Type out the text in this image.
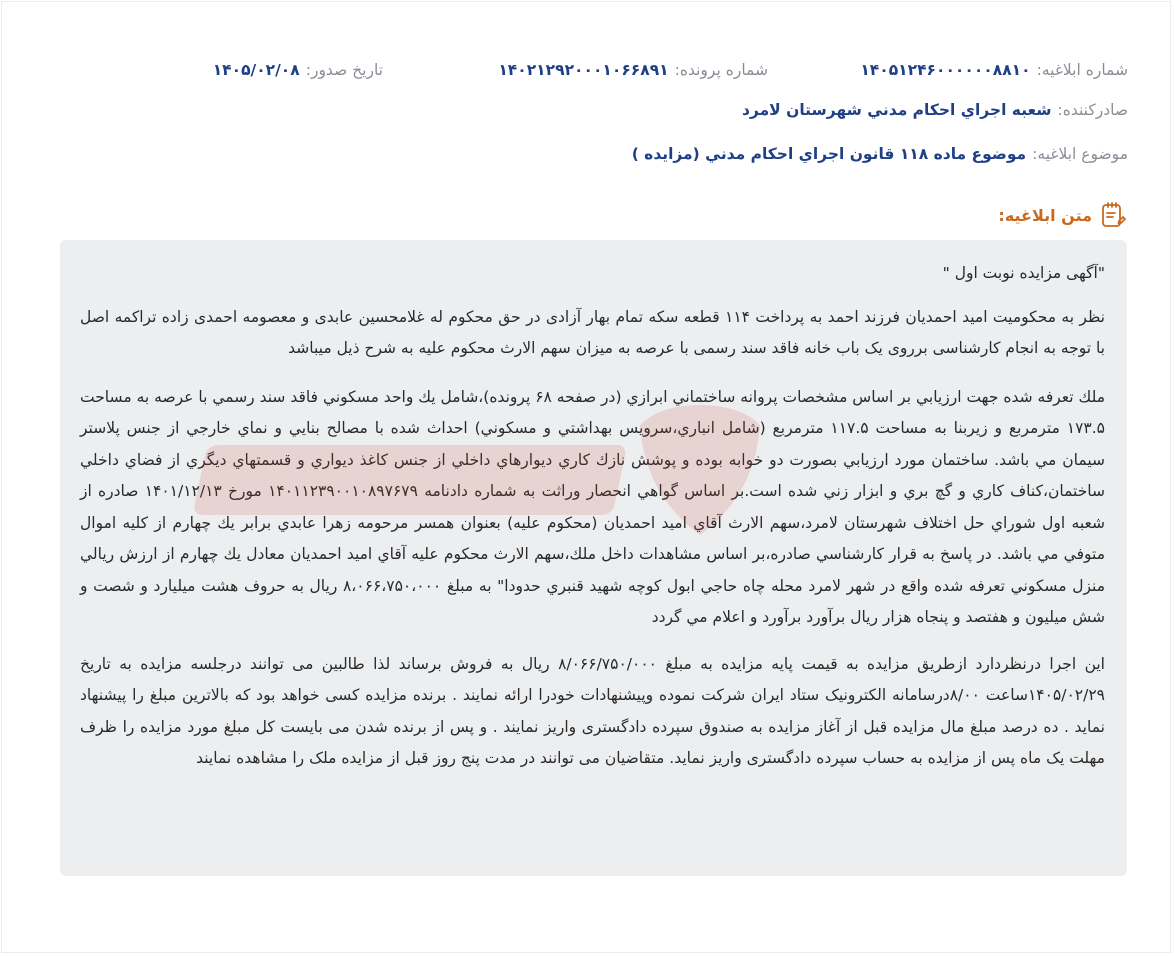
شماره ابلاغیه:
۱۴۰۵۱۲۴۶۰۰۰۰۰۰۸۸۱۰
شماره پرونده:
۱۴۰۲۱۲۹۲۰۰۰۱۰۶۶۸۹۱
تاریخ صدور:
۱۴۰۵/۰۲/۰۸
صادرکننده:
شعبه اجراي احكام مدني شهرستان لامرد
موضوع ابلاغیه:
موضوع ماده ۱۱۸ قانون اجراي احكام مدني (مزايده )
متن ابلاغیه:

"آگهی مزایده نوبت اول "

نظر به محکومیت امید احمدیان فرزند احمد به پرداخت ۱۱۴ قطعه سکه تمام بهار آزادی در حق محکوم له غلامحسین عابدی و معصومه احمدی زاده تراکمه اصل با توجه به انجام کارشناسی برروی یک باب خانه فاقد سند رسمی با عرصه به میزان سهم الارث محکوم علیه به شرح ذیل میباشد

ملك تعرفه شده جهت ارزيابي بر اساس مشخصات پروانه ساختماني ابرازي (در صفحه ۶۸ پرونده)،شامل يك واحد مسكوني فاقد سند رسمي با عرصه به مساحت ۱۷۳.۵ مترمربع و زيربنا به مساحت ۱۱۷.۵ مترمربع (شامل انباري،سرويس بهداشتي و مسكوني) احداث شده با مصالح بنايي و نماي خارجي از جنس پلاستر سيمان مي باشد. ساختمان مورد ارزيابي بصورت دو خوابه بوده و پوشش نازك كاري ديوارهاي داخلي از جنس كاغذ ديواري و قسمتهاي ديگري از فضاي داخلي ساختمان،كناف كاري و گچ بري و ابزار زني شده است.بر اساس گواهي انحصار وراثت به شماره دادنامه ۱۴۰۱۱۲۳۹۰۰۱۰۸۹۷۶۷۹ مورخ ۱۴۰۱/۱۲/۱۳ صادره از شعبه اول شوراي حل اختلاف شهرستان لامرد،سهم الارث آقاي اميد احمديان (محكوم عليه) بعنوان همسر مرحومه زهرا عابدي برابر يك چهارم از كليه اموال متوفي مي باشد. در پاسخ به قرار كارشناسي صادره،بر اساس مشاهدات داخل ملك،سهم الارث محكوم عليه آقاي اميد احمديان معادل يك چهارم از ارزش ريالي منزل مسكوني تعرفه شده واقع در شهر لامرد محله چاه حاجي ابول كوچه شهيد قنبري حدودا" به مبلغ ۸،۰۶۶،۷۵۰،۰۰۰ ريال به حروف هشت ميليارد و شصت و شش ميليون و هفتصد و پنجاه هزار ريال برآورد برآورد و اعلام مي گردد

این اجرا درنظردارد ازطریق مزایده به قیمت پایه مزایده به مبلغ ۸/۰۶۶/۷۵۰/۰۰۰ ریال به فروش برساند لذا طالبین می توانند درجلسه مزایده به تاریخ ۱۴۰۵/۰۲/۲۹ساعت ۸/۰۰درسامانه الکترونیک ستاد ایران شرکت نموده وپیشنهادات خودرا ارائه نمایند . برنده مزایده کسی خواهد بود که بالاترین مبلغ را پیشنهاد نماید . ده درصد مبلغ مال مزایده قبل از آغاز مزایده به صندوق سپرده دادگستری واریز نمایند . و پس از برنده شدن می بایست کل مبلغ مورد مزایده را ظرف مهلت یک ماه پس از مزایده به حساب سپرده دادگستری واریز نماید. متقاضیان می توانند در مدت پنج روز قبل از مزایده ملک را مشاهده نمایند
